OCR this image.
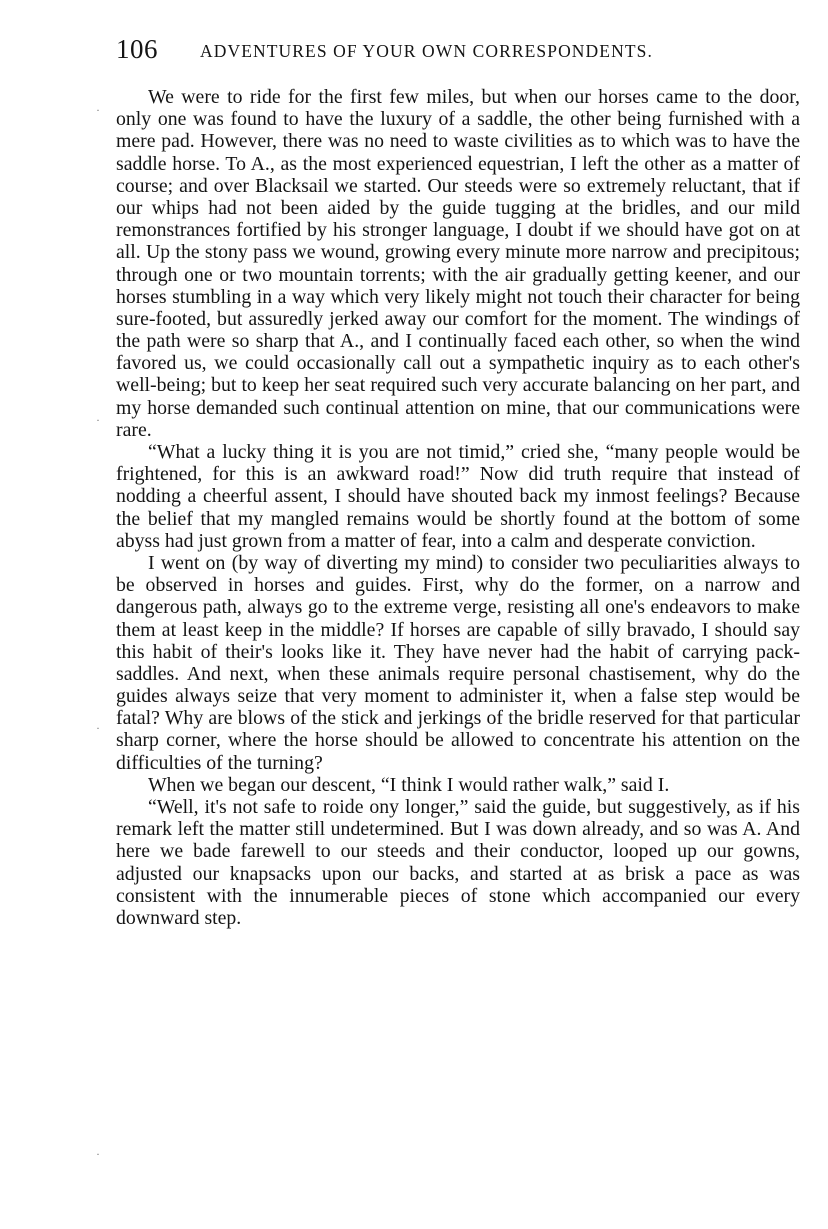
106 ADVENTURES OF YOUR OWN CORRESPONDENTS.

We were to ride for the first few miles, but when our horses came to the door, only one was found to have the luxury of a saddle, the other being furnished with a mere pad. However, there was no need to waste civilities as to which was to have the saddle horse. To A., as the most experienced equestrian, I left the other as a matter of course; and over Blacksail we started. Our steeds were so extremely reluctant, that if our whips had not been aided by the guide tugging at the bridles, and our mild remonstrances fortified by his stronger language, I doubt if we should have got on at all. Up the stony pass we wound, growing every minute more narrow and precipitous; through one or two mountain torrents; with the air gradually getting keener, and our horses stumbling in a way which very likely might not touch their character for being sure-footed, but assuredly jerked away our comfort for the moment. The windings of the path were so sharp that A., and I continually faced each other, so when the wind favored us, we could occasionally call out a sympathetic inquiry as to each other's well-being; but to keep her seat required such very accurate balancing on her part, and my horse demanded such continual attention on mine, that our communications were rare.

“What a lucky thing it is you are not timid,” cried she, “many people would be frightened, for this is an awkward road!” Now did truth require that instead of nodding a cheerful assent, I should have shouted back my inmost feelings? Because the belief that my mangled remains would be shortly found at the bottom of some abyss had just grown from a matter of fear, into a calm and desperate conviction.

I went on (by way of diverting my mind) to consider two peculiarities always to be observed in horses and guides. First, why do the former, on a narrow and dangerous path, always go to the extreme verge, resisting all one's endeavors to make them at least keep in the middle? If horses are capable of silly bravado, I should say this habit of their's looks like it. They have never had the habit of carrying pack-saddles. And next, when these animals require personal chastisement, why do the guides always seize that very moment to administer it, when a false step would be fatal? Why are blows of the stick and jerkings of the bridle reserved for that particular sharp corner, where the horse should be allowed to concentrate his attention on the difficulties of the turning?

When we began our descent, “I think I would rather walk,” said I.

“Well, it's not safe to roide ony longer,” said the guide, but suggestively, as if his remark left the matter still undetermined. But I was down already, and so was A. And here we bade farewell to our steeds and their conductor, looped up our gowns, adjusted our knapsacks upon our backs, and started at as brisk a pace as was consistent with the innumerable pieces of stone which accompanied our every downward step.

·
·
·
·
